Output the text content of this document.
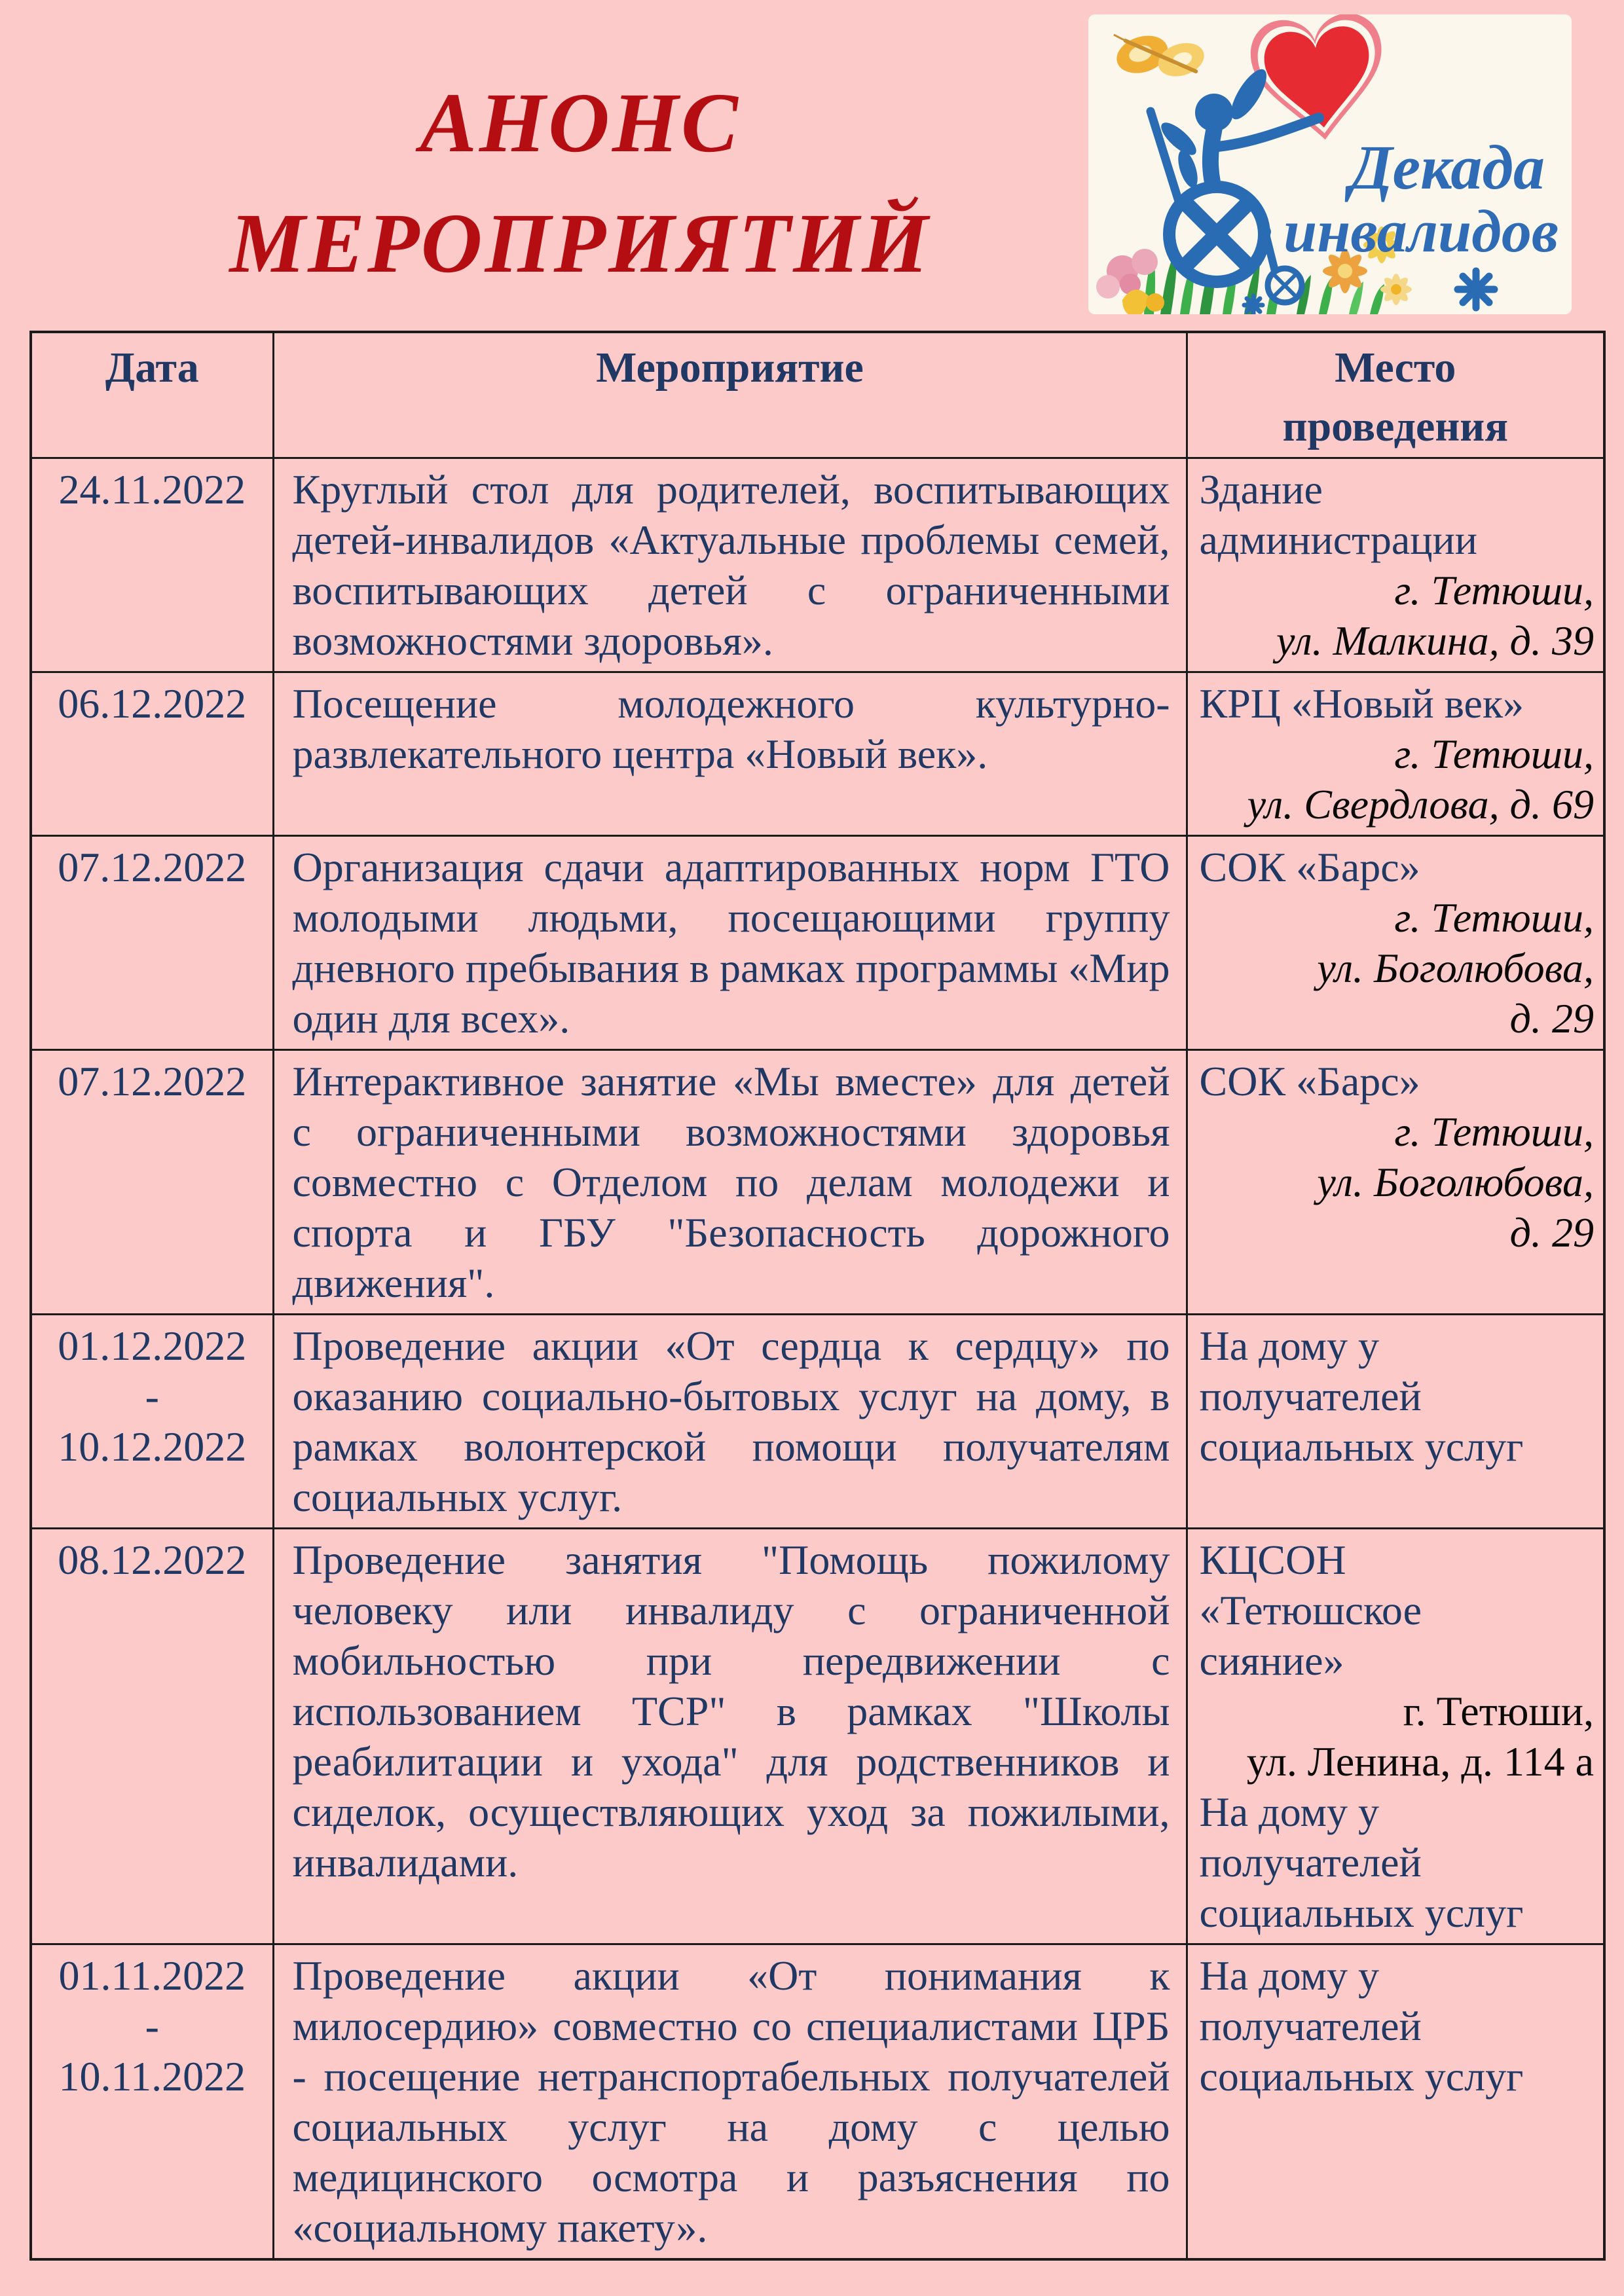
АНОНС
МЕРОПРИЯТИЙ
Декада
инвалидов
Дата	Мероприятие	Место
проведения

24.11.2022	Круглый стол для родителей, воспитывающих детей-инвалидов «Актуальные проблемы семей, воспитывающих детей с ограниченными возможностями здоровья».	Здание
администрации
г. Тетюши,
ул. Малкина, д. 39

06.12.2022	Посещение молодежного культурно-развлекательного центра «Новый век».	КРЦ «Новый век»
г. Тетюши,
ул. Свердлова, д. 69

07.12.2022	Организация сдачи адаптированных норм ГТО молодыми людьми, посещающими группу дневного пребывания в рамках программы «Мир один для всех».	СОК «Барс»
г. Тетюши,
ул. Боголюбова,
д. 29

07.12.2022	Интерактивное занятие «Мы вместе» для детей с ограниченными возможностями здоровья совместно с Отделом по делам молодежи и спорта и ГБУ "Безопасность дорожного движения".	СОК «Барс»
г. Тетюши,
ул. Боголюбова,
д. 29

01.12.2022
-
10.12.2022
	Проведение акции «От сердца к сердцу» по оказанию социально-бытовых услуг на дому, в рамках волонтерской помощи получателям социальных услуг.	
На дому у
получателей
социальных услуг

08.12.2022	Проведение занятия "Помощь пожилому человеку или инвалиду с ограниченной мобильностью при передвижении с использованием ТСР" в рамках "Школы реабилитации и ухода" для родственников и сиделок, осуществляющих уход за пожилыми, инвалидами.	
КЦСОН
«Тетюшское
сияние»
г. Тетюши,
ул. Ленина, д. 114 а
На дому у
получателей
социальных услуг

01.11.2022
-
10.11.2022
	Проведение акции «От понимания к милосердию» совместно со специалистами ЦРБ - посещение нетранспортабельных получателей социальных услуг на дому с целью медицинского осмотра и разъяснения по «социальному пакету».	
На дому у
получателей
социальных услуг
